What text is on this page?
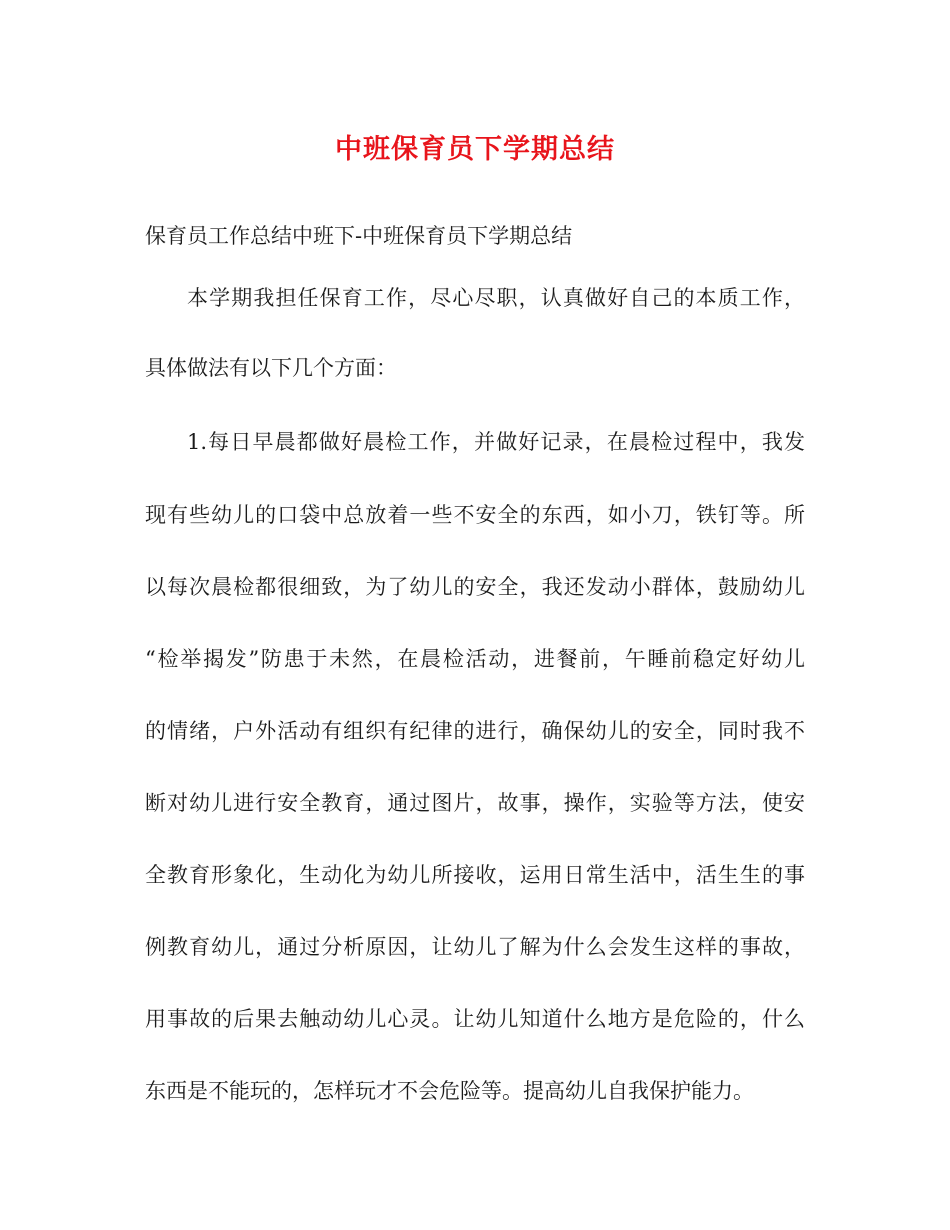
中班保育员下学期总结
保育员工作总结中班下-中班保育员下学期总结
本学期我担任保育工作，尽心尽职，认真做好自己的本质工作，
具体做法有以下几个方面：
1.每日早晨都做好晨检工作，并做好记录，在晨检过程中，我发
现有些幼儿的口袋中总放着一些不安全的东西，如小刀，铁钉等。所
以每次晨检都很细致，为了幼儿的安全，我还发动小群体，鼓励幼儿
“检举揭发”防患于未然，在晨检活动，进餐前，午睡前稳定好幼儿
的情绪，户外活动有组织有纪律的进行，确保幼儿的安全，同时我不
断对幼儿进行安全教育，通过图片，故事，操作，实验等方法，使安
全教育形象化，生动化为幼儿所接收，运用日常生活中，活生生的事
例教育幼儿，通过分析原因，让幼儿了解为什么会发生这样的事故，
用事故的后果去触动幼儿心灵。让幼儿知道什么地方是危险的，什么
东西是不能玩的，怎样玩才不会危险等。提高幼儿自我保护能力。
